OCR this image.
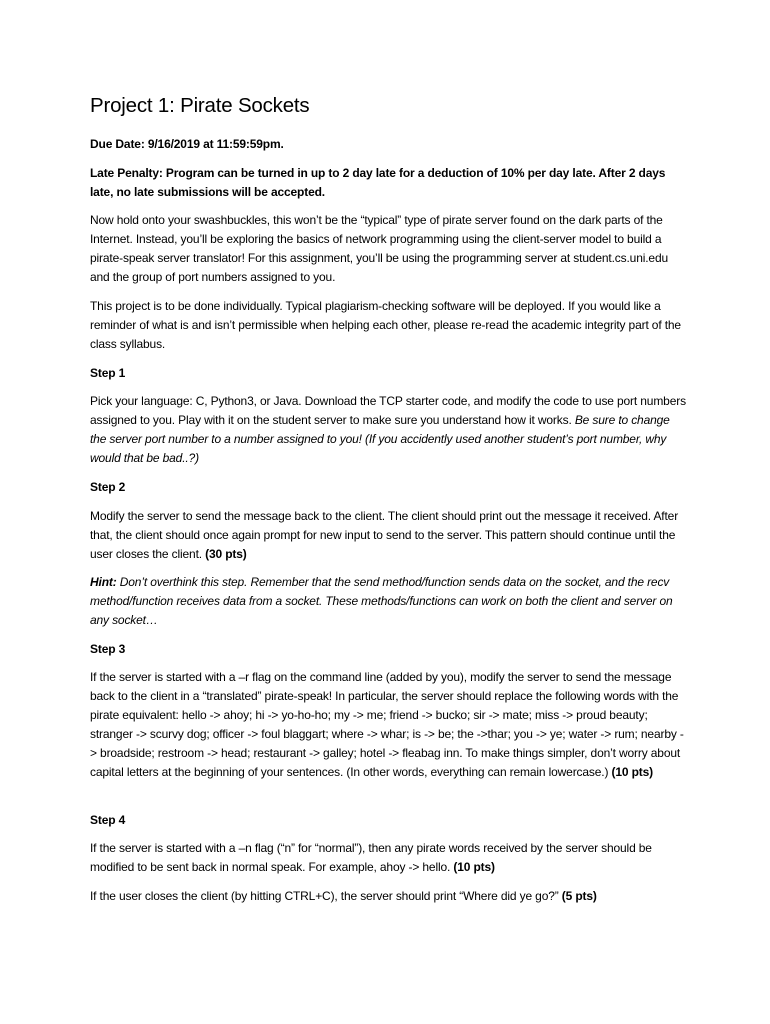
Project 1: Pirate Sockets

Due Date: 9/16/2019 at 11:59:59pm.

Late Penalty: Program can be turned in up to 2 day late for a deduction of 10% per day late. After 2 days late, no late submissions will be accepted.

Now hold onto your swashbuckles, this won’t be the “typical” type of pirate server found on the dark parts of the Internet. Instead, you’ll be exploring the basics of network programming using the client-server model to build a pirate-speak server translator! For this assignment, you’ll be using the programming server at student.cs.uni.edu and the group of port numbers assigned to you.

This project is to be done individually. Typical plagiarism-checking software will be deployed. If you would like a reminder of what is and isn’t permissible when helping each other, please re-read the academic integrity part of the class syllabus.

Step 1

Pick your language: C, Python3, or Java. Download the TCP starter code, and modify the code to use port numbers assigned to you. Play with it on the student server to make sure you understand how it works. Be sure to change the server port number to a number assigned to you! (If you accidently used another student’s port number, why would that be bad..?)

Step 2

Modify the server to send the message back to the client. The client should print out the message it received. After that, the client should once again prompt for new input to send to the server. This pattern should continue until the user closes the client. (30 pts)

Hint: Don’t overthink this step. Remember that the send method/function sends data on the socket, and the recv method/function receives data from a socket. These methods/functions can work on both the client and server on any socket…

Step 3

If the server is started with a –r flag on the command line (added by you), modify the server to send the message back to the client in a “translated” pirate-speak! In particular, the server should replace the following words with the pirate equivalent: hello -> ahoy; hi -> yo-ho-ho; my -> me; friend -> bucko; sir -> mate; miss -> proud beauty; stranger -> scurvy dog; officer -> foul blaggart; where -> whar; is -> be; the ->thar; you -> ye; water -> rum; nearby -> broadside; restroom -> head; restaurant -> galley; hotel -> fleabag inn. To make things simpler, don’t worry about capital letters at the beginning of your sentences. (In other words, everything can remain lowercase.) (10 pts)

Step 4

If the server is started with a –n flag (“n” for “normal”), then any pirate words received by the server should be modified to be sent back in normal speak. For example, ahoy -> hello. (10 pts)

If the user closes the client (by hitting CTRL+C), the server should print “Where did ye go?” (5 pts)
